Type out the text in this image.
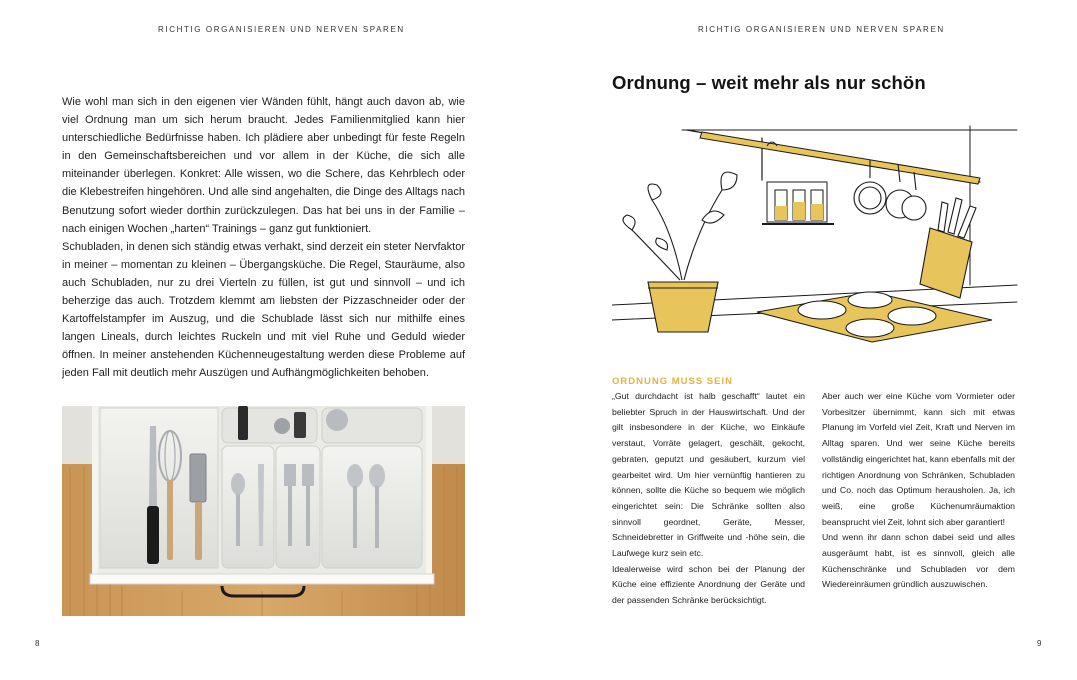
RICHTIG ORGANISIEREN UND NERVEN SPAREN	RICHTIG ORGANISIEREN UND NERVEN SPAREN

Wie wohl man sich in den eigenen vier Wänden fühlt, hängt auch davon ab, wie viel Ordnung man um sich herum braucht. Jedes Familienmitglied kann hier unterschiedliche Bedürfnisse haben. Ich plädiere aber unbedingt für feste Regeln in den Gemeinschaftsbereichen und vor allem in der Küche, die sich alle miteinander überlegen. Konkret: Alle wissen, wo die Schere, das Kehrblech oder die Klebestreifen hingehören. Und alle sind angehalten, die Dinge des Alltags nach Benutzung sofort wieder dorthin zurückzulegen. Das hat bei uns in der Familie – nach einigen Wochen „harten“ Trainings – ganz gut funktioniert.

Schubladen, in denen sich ständig etwas verhakt, sind derzeit ein steter Nervfaktor in meiner – momentan zu kleinen – Übergangsküche. Die Regel, Stauräume, also auch Schubladen, nur zu drei Vierteln zu füllen, ist gut und sinnvoll – und ich beherzige das auch. Trotzdem klemmt am liebsten der Pizzaschneider oder der Kartoffelstampfer im Auszug, und die Schublade lässt sich nur mithilfe eines langen Lineals, durch leichtes Ruckeln und mit viel Ruhe und Geduld wieder öffnen. In meiner anstehenden Küchenneugestaltung werden diese Probleme auf jeden Fall mit deutlich mehr Auszügen und Aufhängmöglichkeiten behoben.

8
Ordnung – weit mehr als nur schön
ORDNUNG MUSS SEIN

„Gut durchdacht ist halb geschafft“ lautet ein beliebter Spruch in der Hauswirtschaft. Und der gilt insbesondere in der Küche, wo Einkäufe verstaut, Vorräte gelagert, geschält, gekocht, gebraten, geputzt und gesäubert, kurzum viel gearbeitet wird. Um hier vernünftig hantieren zu können, sollte die Küche so bequem wie möglich eingerichtet sein: Die Schränke sollten also sinnvoll geordnet, Geräte, Messer, Schneidebretter in Griffweite und -höhe sein, die Laufwege kurz sein etc.

Idealerweise wird schon bei der Planung der Küche eine effiziente Anordnung der Geräte und der passenden Schränke berücksichtigt.

Aber auch wer eine Küche vom Vormieter oder Vorbesitzer übernimmt, kann sich mit etwas Planung im Vorfeld viel Zeit, Kraft und Nerven im Alltag sparen. Und wer seine Küche bereits vollständig eingerichtet hat, kann ebenfalls mit der richtigen Anordnung von Schränken, Schubladen und Co. noch das Optimum herausholen. Ja, ich weiß, eine große Küchenumräumaktion beansprucht viel Zeit, lohnt sich aber garantiert!

Und wenn ihr dann schon dabei seid und alles ausgeräumt habt, ist es sinnvoll, gleich alle Küchenschränke und Schubladen vor dem Wiedereinräumen gründlich auszuwischen.

9
